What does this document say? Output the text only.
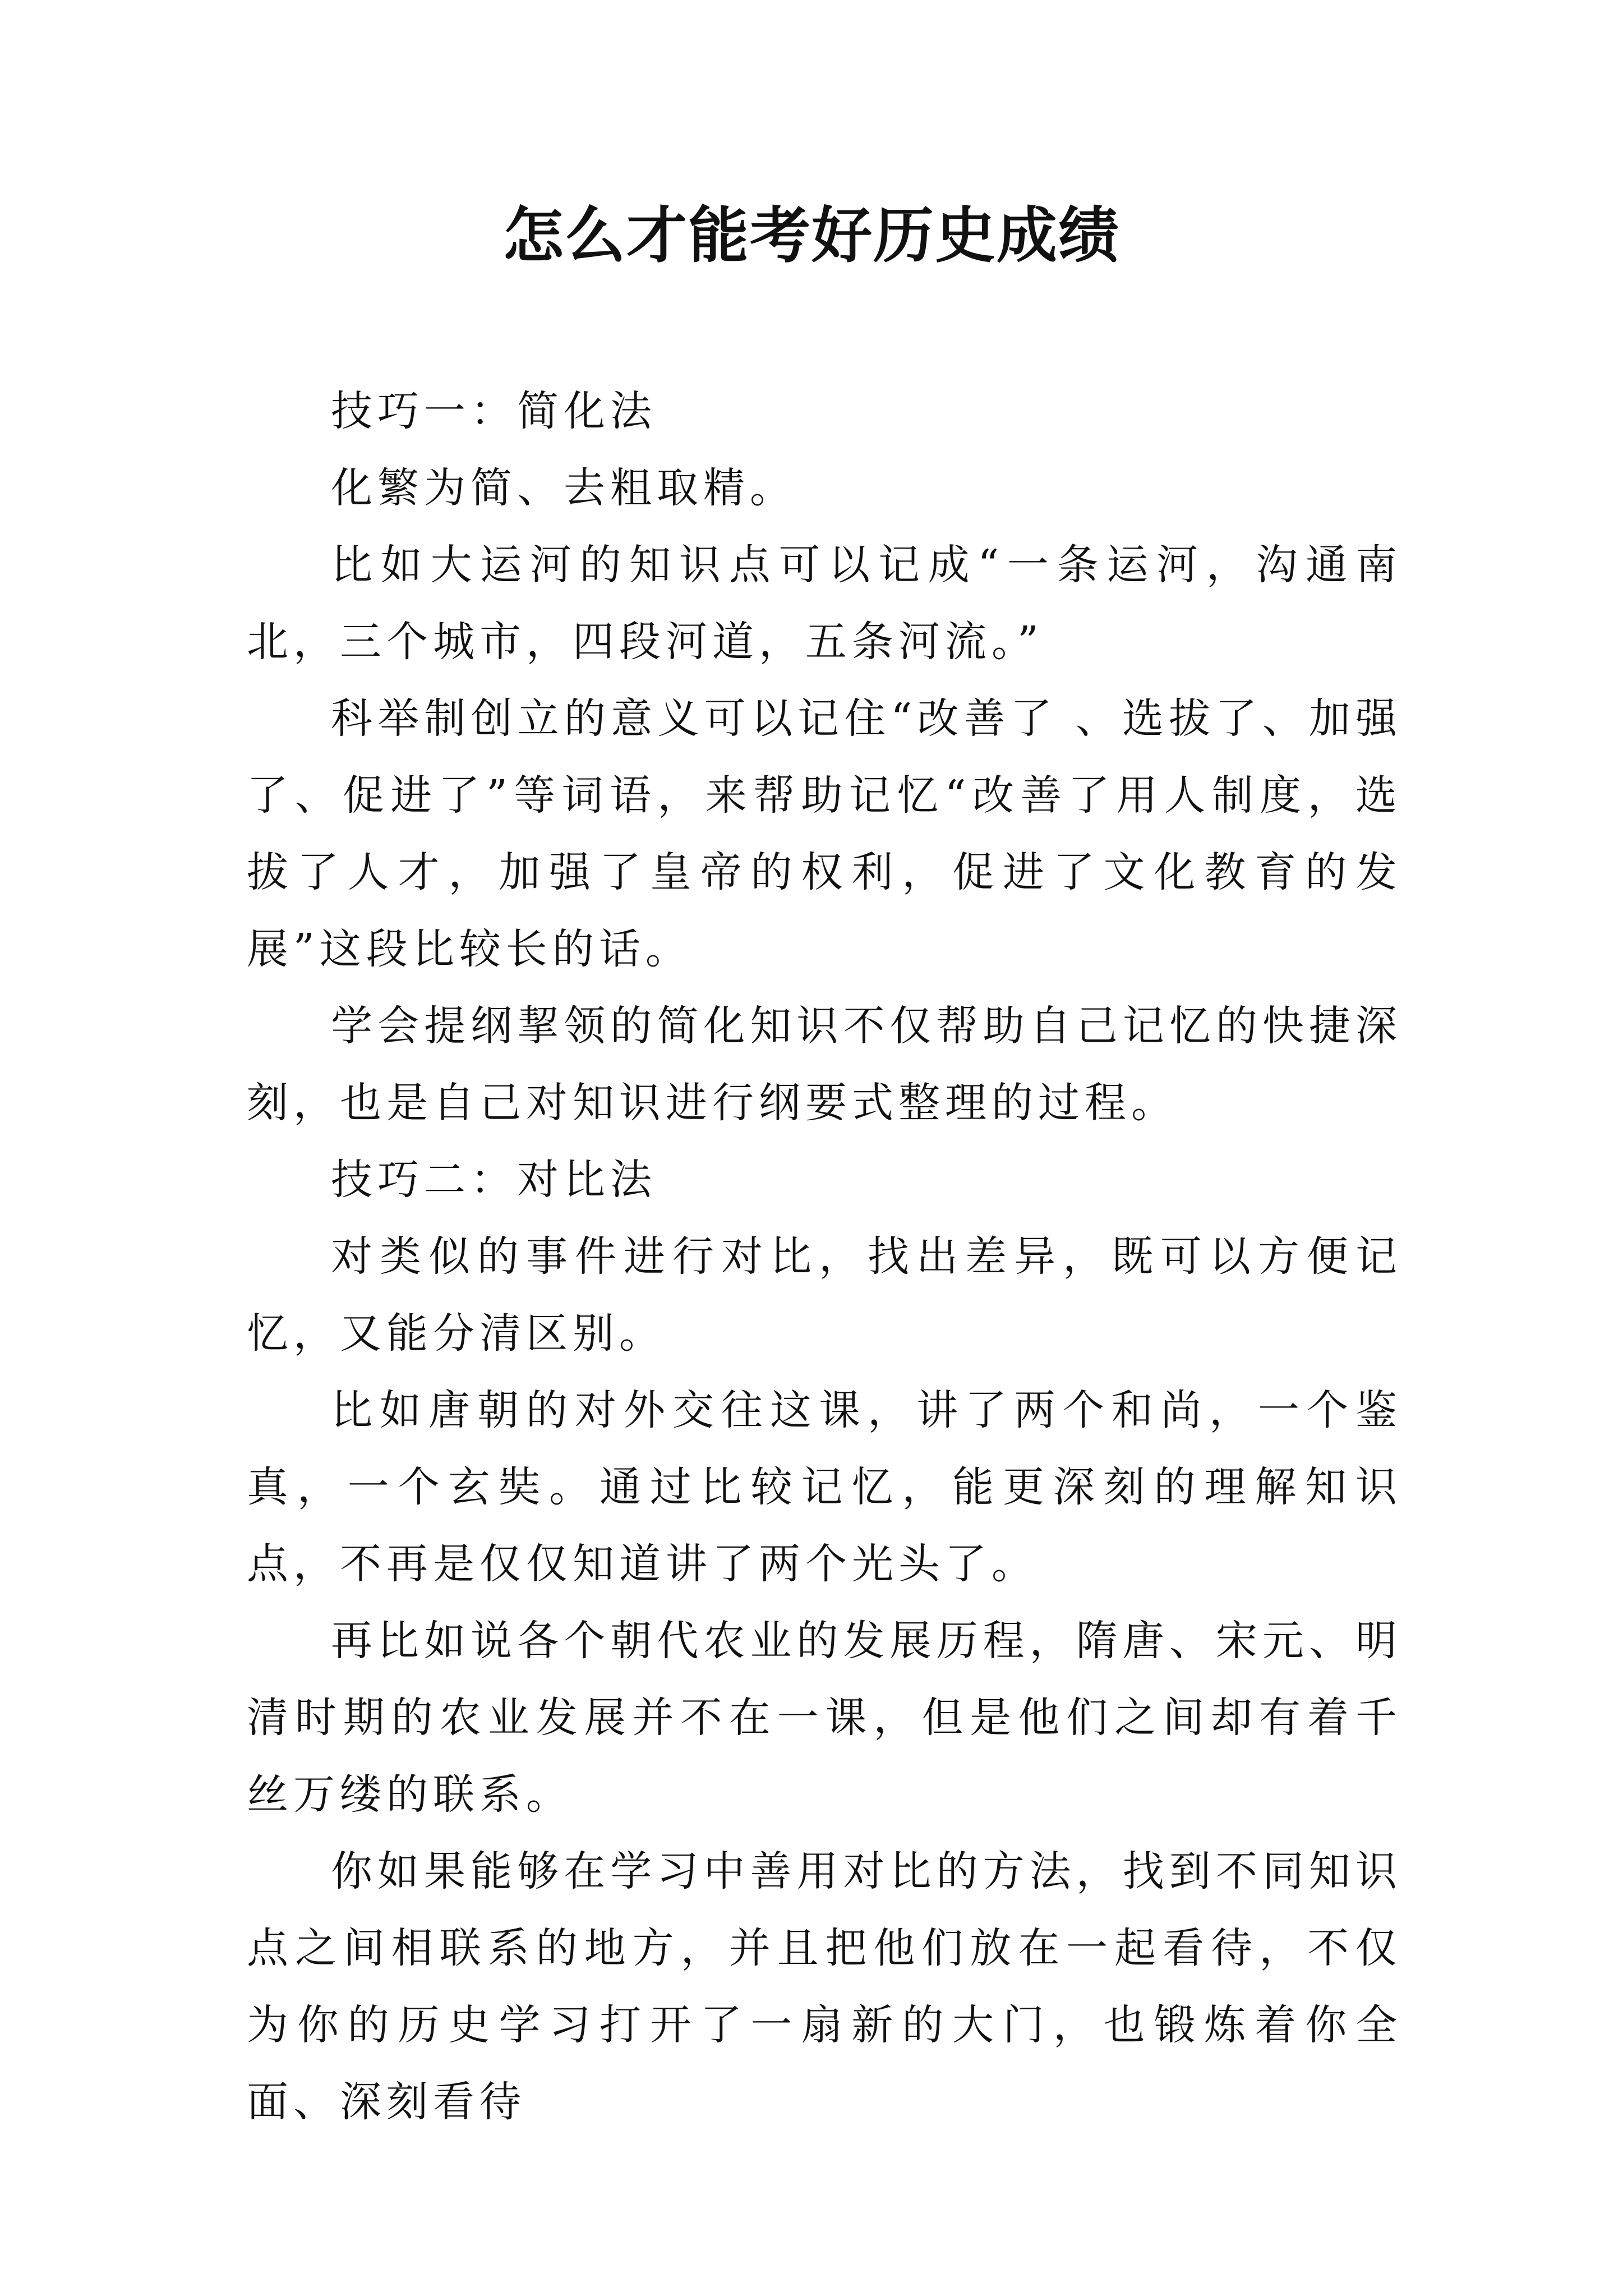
怎么才能考好历史成绩

技巧一：简化法

化繁为简、去粗取精。

比如大运河的知识点可以记成“一条运河，沟通南北，三个城市，四段河道，五条河流。”

科举制创立的意义可以记住“改善了 、选拔了、加强了、促进了”等词语，来帮助记忆“改善了用人制度，选拔了人才，加强了皇帝的权利，促进了文化教育的发展”这段比较长的话。

学会提纲挈领的简化知识不仅帮助自己记忆的快捷深刻，也是自己对知识进行纲要式整理的过程。

技巧二：对比法

对类似的事件进行对比，找出差异，既可以方便记忆，又能分清区别。

比如唐朝的对外交往这课，讲了两个和尚，一个鉴真，一个玄奘。通过比较记忆，能更深刻的理解知识点，不再是仅仅知道讲了两个光头了。

再比如说各个朝代农业的发展历程，隋唐、宋元、明清时期的农业发展并不在一课，但是他们之间却有着千丝万缕的联系。

你如果能够在学习中善用对比的方法，找到不同知识点之间相联系的地方，并且把他们放在一起看待，不仅为你的历史学习打开了一扇新的大门，也锻炼着你全面、深刻看待
